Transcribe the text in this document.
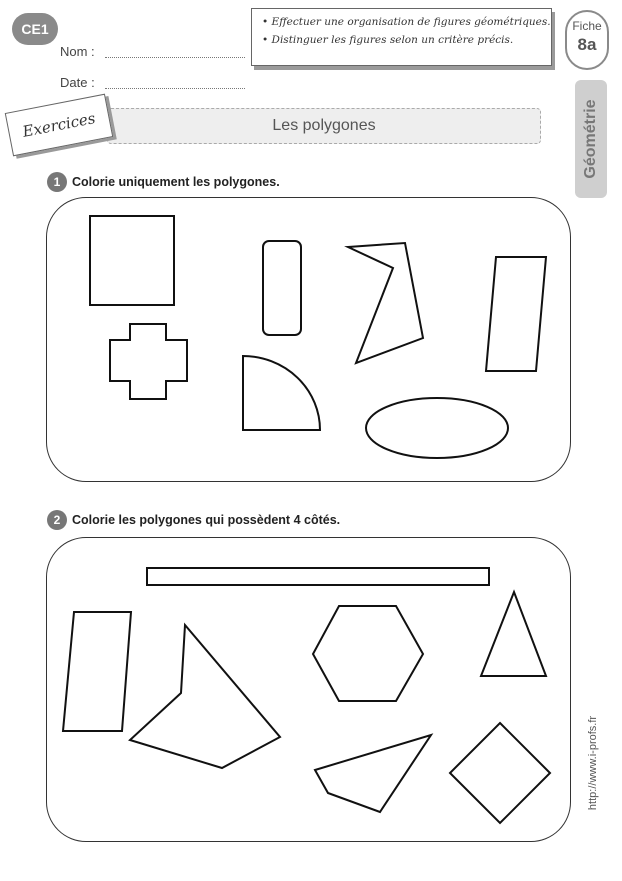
CE1
Nom :
Date :
• Effectuer une organisation de figures géométriques.
• Distinguer les figures selon un critère précis.
Fiche
8a
Géométrie
Les polygones
Exercices
1 Colorie uniquement les polygones.
2 Colorie les polygones qui possèdent 4 côtés.
http://www.i-profs.fr
